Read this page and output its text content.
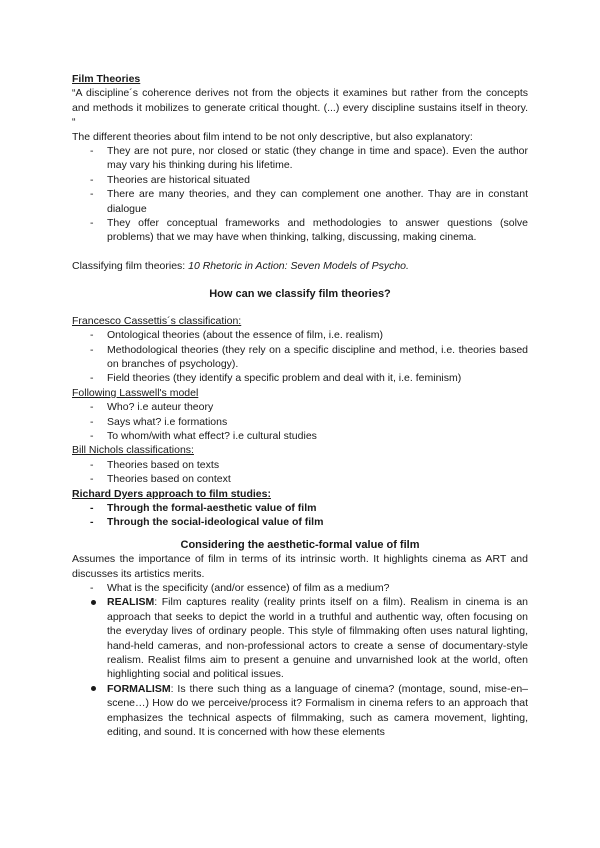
Film Theories

“A discipline´s coherence derives not from the objects it examines but rather from the concepts and methods it mobilizes to generate critical thought. (...) every discipline sustains itself in theory. “

The different theories about film intend to be not only descriptive, but also explanatory:

- They are not pure, nor closed or static (they change in time and space). Even the author may vary his thinking during his lifetime.
- Theories are historical situated
- There are many theories, and they can complement one another. Thay are in constant dialogue
- They offer conceptual frameworks and methodologies to answer questions (solve problems) that we may have when thinking, talking, discussing, making cinema.

Classifying film theories: 10 Rhetoric in Action: Seven Models of Psycho.

How can we classify film theories?

Francesco Cassettis´s classification:

- Ontological theories (about the essence of film, i.e. realism)
- Methodological theories (they rely on a specific discipline and method, i.e. theories based on branches of psychology).
- Field theories (they identify a specific problem and deal with it, i.e. feminism)

Following Lasswell's model

- Who? i.e auteur theory
- Says what? i.e formations
- To whom/with what effect? i.e cultural studies

Bill Nichols classifications:

- Theories based on texts
- Theories based on context

Richard Dyers approach to film studies:

- Through the formal-aesthetic value of film
- Through the social-ideological value of film

Considering the aesthetic-formal value of film

Assumes the importance of film in terms of its intrinsic worth. It highlights cinema as ART and discusses its artistics merits.

- What is the specificity (and/or essence) of film as a medium?
REALISM: Film captures reality (reality prints itself on a film). Realism in cinema is an approach that seeks to depict the world in a truthful and authentic way, often focusing on the everyday lives of ordinary people. This style of filmmaking often uses natural lighting, hand-held cameras, and non-professional actors to create a sense of documentary-style realism. Realist films aim to present a genuine and unvarnished look at the world, often highlighting social and political issues.
FORMALISM: Is there such thing as a language of cinema? (montage, sound, mise-en–scene…) How do we perceive/process it? Formalism in cinema refers to an approach that emphasizes the technical aspects of filmmaking, such as camera movement, lighting, editing, and sound. It is concerned with how these elements
